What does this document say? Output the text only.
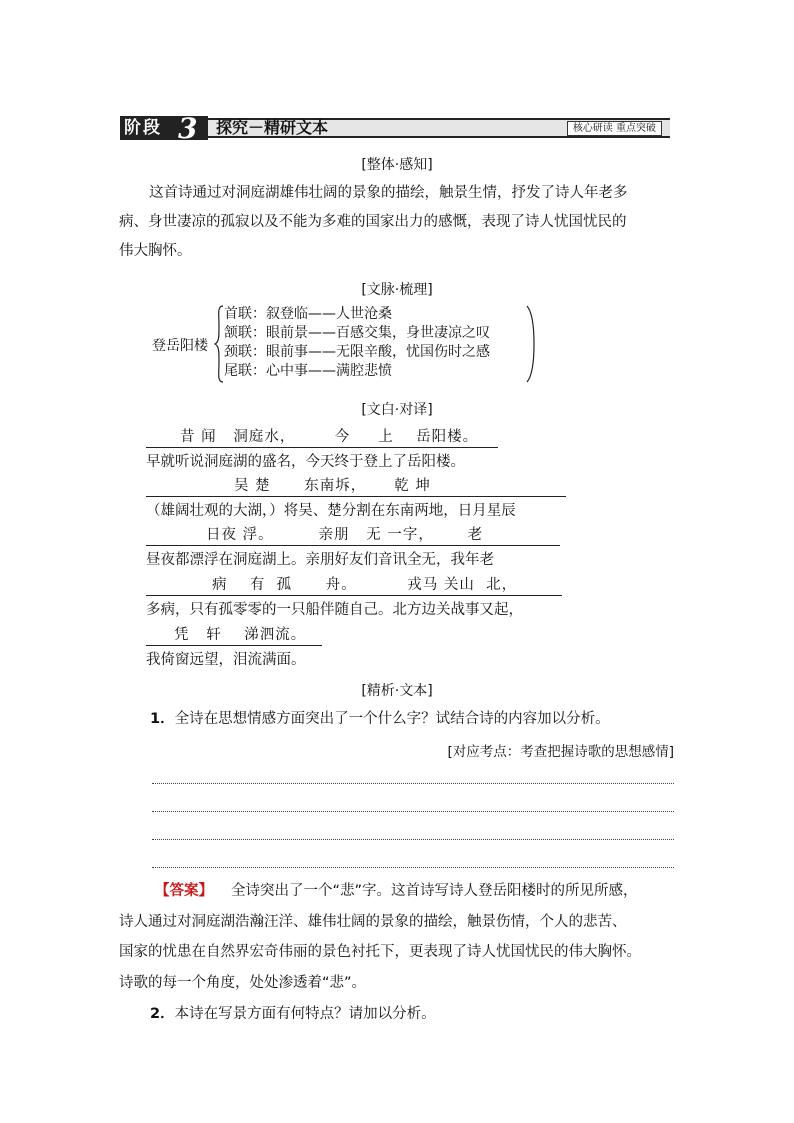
阶段 3 探究－精研文本	核心研读 重点突破
[整体·感知]

这首诗通过对洞庭湖雄伟壮阔的景象的描绘，触景生情，抒发了诗人年老多
病、身世凄凉的孤寂以及不能为多难的国家出力的感慨，表现了诗人忧国忧民的
伟大胸怀。

[文脉·梳理]
登岳阳楼
首联：叙登临——人世沧桑
颔联：眼前景——百感交集，身世凄凉之叹
颈联：眼前事——无限辛酸，忧国伤时之感
尾联：心中事——满腔悲愤
[文白·对译]
昔 闻   洞庭水，       今     上    岳阳楼。
早就听说洞庭湖的盛名，今天终于登上了岳阳楼。
吴 楚      东南坼，     乾 坤
（雄阔壮观的大湖，）将吴、楚分割在东南两地，日月星辰
日夜 浮。        亲朋   无 一字，      老
昼夜都漂浮在洞庭湖上。亲朋好友们音讯全无，我年老
病    有  孤      舟。         戎马 关山  北，
多病，只有孤零零的一只船伴随自己。北方边关战事又起，
凭   轩    涕泗流。
我倚窗远望，泪流满面。
[精析·文本]
1．全诗在思想情感方面突出了一个什么字？试结合诗的内容加以分析。
[对应考点：考查把握诗歌的思想感情]

【答案】 全诗突出了一个“悲”字。这首诗写诗人登岳阳楼时的所见所感，
诗人通过对洞庭湖浩瀚汪洋、雄伟壮阔的景象的描绘，触景伤情，个人的悲苦、
国家的忧患在自然界宏奇伟丽的景色衬托下，更表现了诗人忧国忧民的伟大胸怀。
诗歌的每一个角度，处处渗透着“悲”。

2．本诗在写景方面有何特点？请加以分析。
